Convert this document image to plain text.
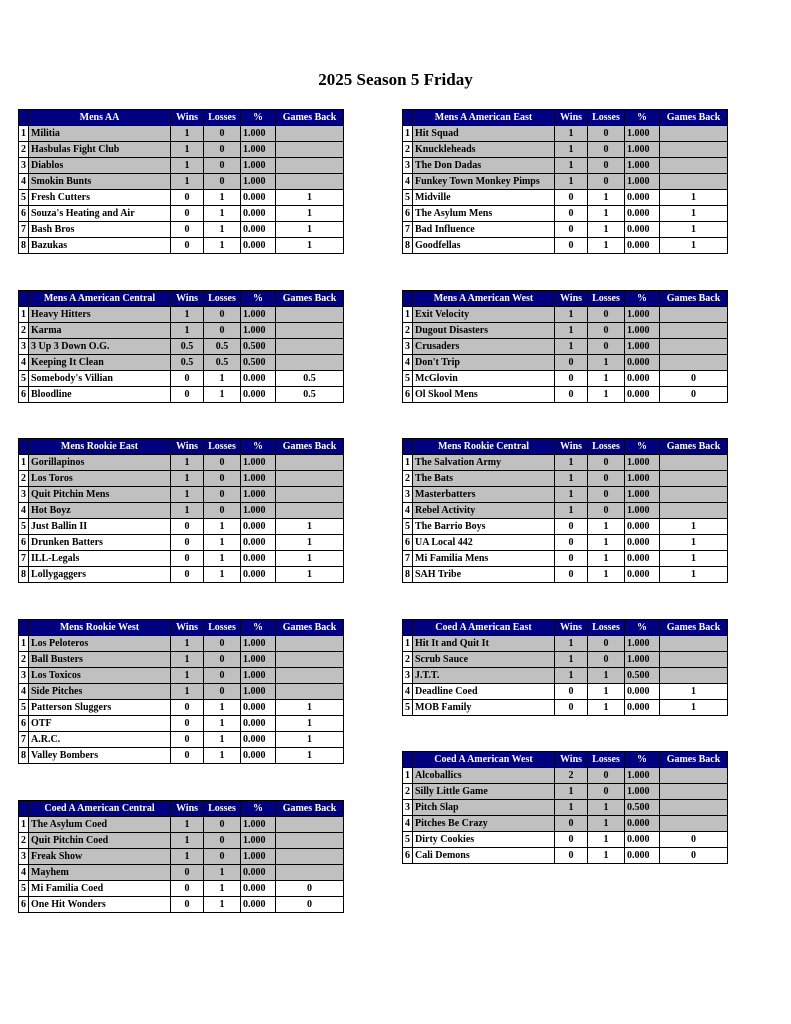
2025 Season 5 Friday
	Mens AA	Wins	Losses	%	Games Back
1	Militia	1	0	1.000	
2	Hasbulas Fight Club	1	0	1.000	
3	Diablos	1	0	1.000	
4	Smokin Bunts	1	0	1.000	
5	Fresh Cutters	0	1	0.000	1
6	Souza's Heating and Air	0	1	0.000	1
7	Bash Bros	0	1	0.000	1
8	Bazukas	0	1	0.000	1
	Mens A American East	Wins	Losses	%	Games Back
1	Hit Squad	1	0	1.000	
2	Knuckleheads	1	0	1.000	
3	The Don Dadas	1	0	1.000	
4	Funkey Town Monkey Pimps	1	0	1.000	
5	Midville	0	1	0.000	1
6	The Asylum Mens	0	1	0.000	1
7	Bad Influence	0	1	0.000	1
8	Goodfellas	0	1	0.000	1
	Mens A American Central	Wins	Losses	%	Games Back
1	Heavy Hitters	1	0	1.000	
2	Karma	1	0	1.000	
3	3 Up 3 Down O.G.	0.5	0.5	0.500	
4	Keeping It Clean	0.5	0.5	0.500	
5	Somebody's Villian	0	1	0.000	0.5
6	Bloodline	0	1	0.000	0.5
	Mens A American West	Wins	Losses	%	Games Back
1	Exit Velocity	1	0	1.000	
2	Dugout Disasters	1	0	1.000	
3	Crusaders	1	0	1.000	
4	Don't Trip	0	1	0.000	
5	McGlovin	0	1	0.000	0
6	Ol Skool Mens	0	1	0.000	0
	Mens Rookie East	Wins	Losses	%	Games Back
1	Gorillapinos	1	0	1.000	
2	Los Toros	1	0	1.000	
3	Quit Pitchin Mens	1	0	1.000	
4	Hot Boyz	1	0	1.000	
5	Just Ballin II	0	1	0.000	1
6	Drunken Batters	0	1	0.000	1
7	ILL-Legals	0	1	0.000	1
8	Lollygaggers	0	1	0.000	1
	Mens Rookie Central	Wins	Losses	%	Games Back
1	The Salvation Army	1	0	1.000	
2	The Bats	1	0	1.000	
3	Masterbatters	1	0	1.000	
4	Rebel Activity	1	0	1.000	
5	The Barrio Boys	0	1	0.000	1
6	UA Local 442	0	1	0.000	1
7	Mi Familia Mens	0	1	0.000	1
8	SAH Tribe	0	1	0.000	1
	Mens Rookie West	Wins	Losses	%	Games Back
1	Los Peloteros	1	0	1.000	
2	Ball Busters	1	0	1.000	
3	Los Toxicos	1	0	1.000	
4	Side Pitches	1	0	1.000	
5	Patterson Sluggers	0	1	0.000	1
6	OTF	0	1	0.000	1
7	A.R.C.	0	1	0.000	1
8	Valley Bombers	0	1	0.000	1
	Coed A American East	Wins	Losses	%	Games Back
1	Hit It and Quit It	1	0	1.000	
2	Scrub Sauce	1	0	1.000	
3	J.T.T.	1	1	0.500	
4	Deadline Coed	0	1	0.000	1
5	MOB Family	0	1	0.000	1
	Coed A American West	Wins	Losses	%	Games Back
1	Alcoballics	2	0	1.000	
2	Silly Little Game	1	0	1.000	
3	Pitch Slap	1	1	0.500	
4	Pitches Be Crazy	0	1	0.000	
5	Dirty Cookies	0	1	0.000	0
6	Cali Demons	0	1	0.000	0
	Coed A American Central	Wins	Losses	%	Games Back
1	The Asylum Coed	1	0	1.000	
2	Quit Pitchin Coed	1	0	1.000	
3	Freak Show	1	0	1.000	
4	Mayhem	0	1	0.000	
5	Mi Familia Coed	0	1	0.000	0
6	One Hit Wonders	0	1	0.000	0
